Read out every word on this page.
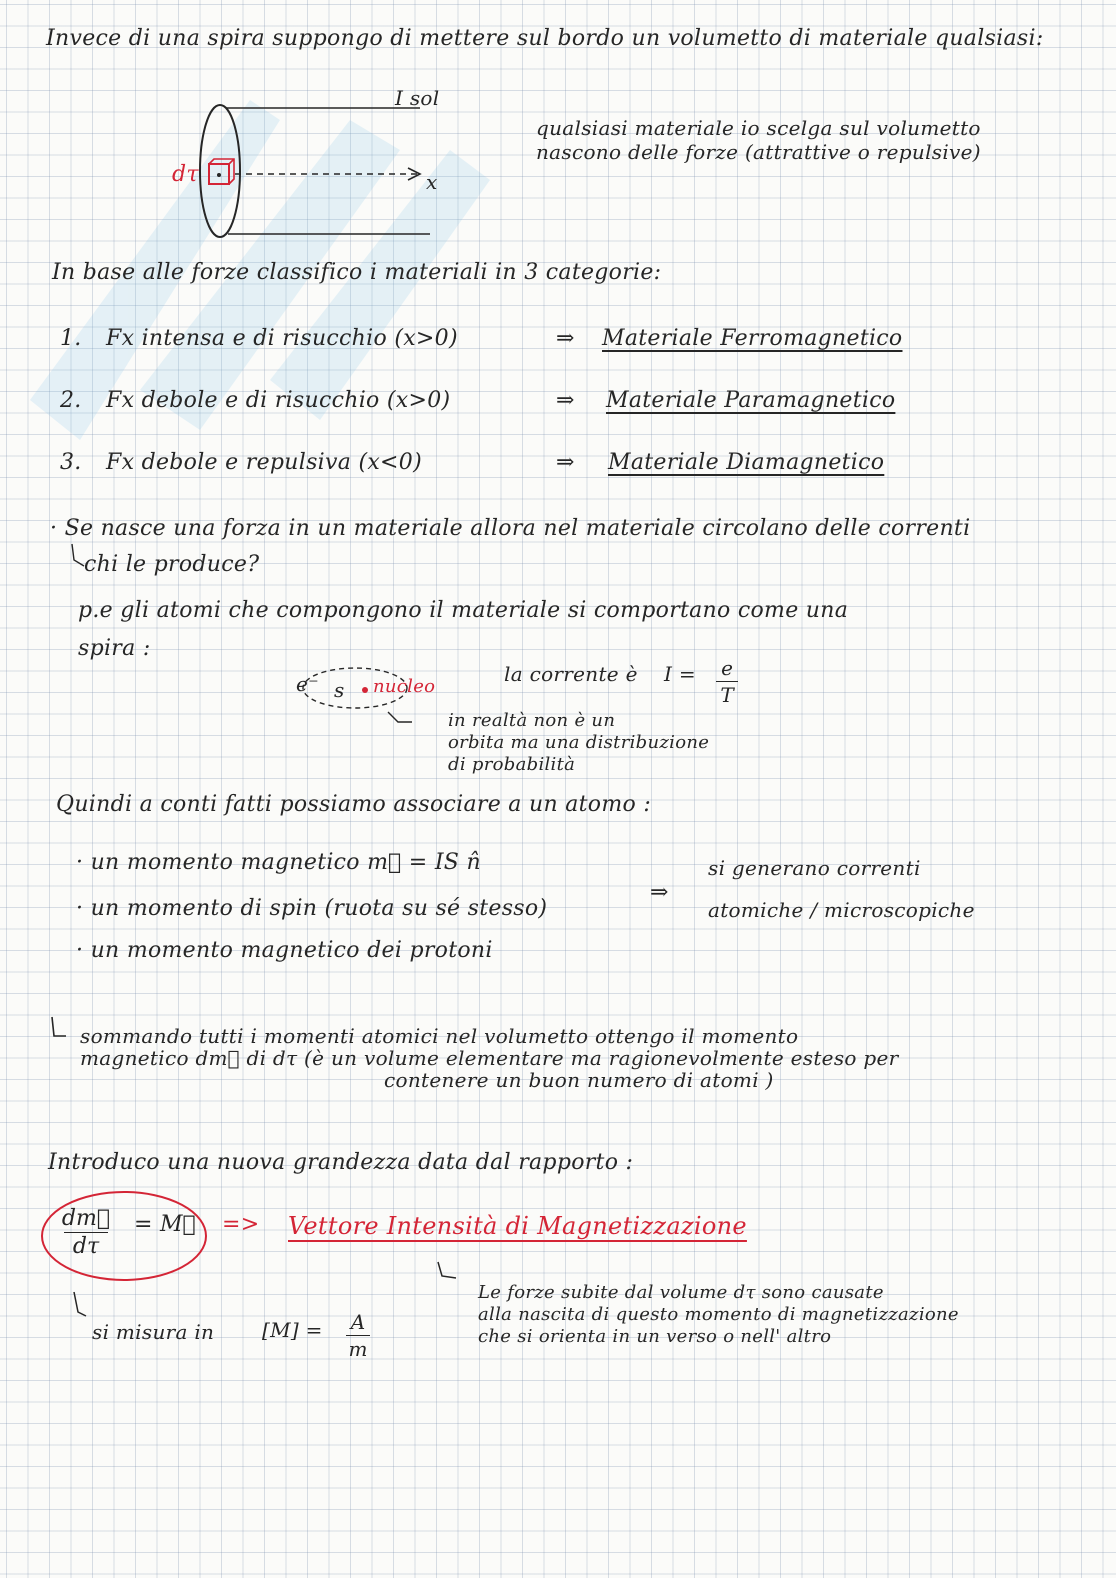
Invece di una spira suppongo di mettere sul bordo un volumetto di materiale qualsiasi:
I sol
dτ	x
qualsiasi materiale io scelga sul volumetto
nascono delle forze (attrattive o repulsive)
In base alle forze classifico i materiali in 3 categorie:
1. Fx intensa e di risucchio (x>0)	⇒ Materiale Ferromagnetico
2. Fx debole e di risucchio (x>0)	⇒ Materiale Paramagnetico
3. Fx debole e repulsiva (x<0)	⇒ Materiale Diamagnetico
· Se nasce una forza in un materiale allora nel materiale circolano delle correnti
chi le produce?
p.e gli atomi che compongono il materiale si comportano come una
spira :
e⁻ s nucleo
la corrente è I = e
T
in realtà non è un
orbita ma una distribuzione
di probabilità
Quindi a conti fatti possiamo associare a un atomo :
· un momento magnetico m⃗ = IS n̂
· un momento di spin (ruota su sé stesso)
· un momento magnetico dei protoni
⇒
si generano correnti
atomiche / microscopiche
sommando tutti i momenti atomici nel volumetto ottengo il momento
magnetico dm⃗ di dτ (è un volume elementare ma ragionevolmente esteso per
contenere un buon numero di atomi )
Introduco una nuova grandezza data dal rapporto :
dm⃗
dτ
= M⃗ => Vettore Intensità di Magnetizzazione
Le forze subite dal volume dτ sono causate
alla nascita di questo momento di magnetizzazione
che si orienta in un verso o nell' altro
si misura in [M] = A
m
